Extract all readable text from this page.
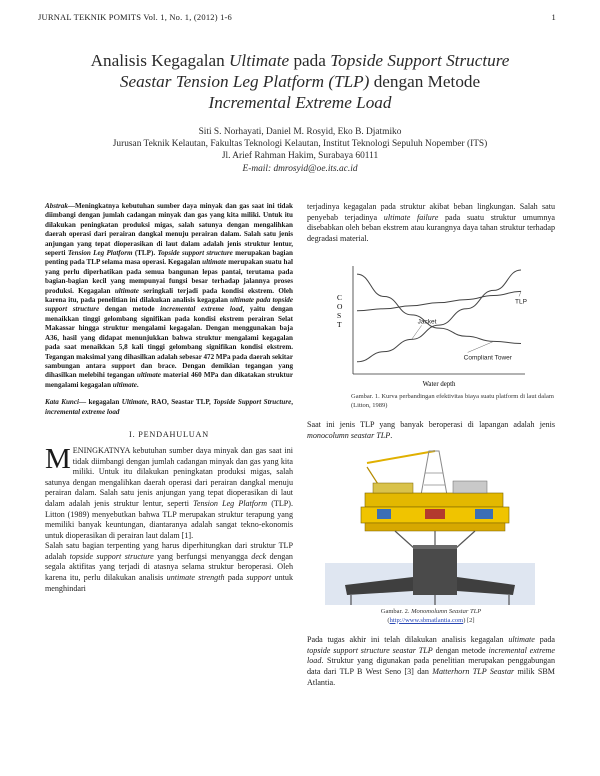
JURNAL TEKNIK POMITS Vol. 1, No. 1, (2012) 1-6	1
Analisis Kegagalan Ultimate pada Topside Support Structure
Seastar Tension Leg Platform (TLP) dengan Metode
Incremental Extreme Load

Siti S. Norhayati, Daniel M. Rosyid, Eko B. Djatmiko

Jurusan Teknik Kelautan, Fakultas Teknologi Kelautan, Institut Teknologi Sepuluh Nopember (ITS)

Jl. Arief Rahman Hakim, Surabaya 60111

E-mail: dmrosyid@oe.its.ac.id

Abstrak—Meningkatnya kebutuhan sumber daya minyak dan gas saat ini tidak diimbangi dengan jumlah cadangan minyak dan gas yang kita miliki. Untuk itu dilakukan peningkatan produksi migas, salah satunya dengan mengalihkan daerah operasi dari perairan dangkal menuju perairan dalam. Salah satu jenis anjungan yang tepat dioperasikan di laut dalam adalah jenis struktur lentur, seperti Tension Leg Platform (TLP). Topside support structure merupakan bagian penting pada TLP selama masa operasi. Kegagalan ultimate merupakan suatu hal yang perlu diperhatikan pada semua bangunan lepas pantai, terutama pada bagian-bagian kecil yang mempunyai fungsi besar terhadap jalannya proses produksi. Kegagalan ultimate seringkali terjadi pada kondisi ekstrem. Oleh karena itu, pada penelitian ini dilakukan analisis kegagalan ultimate pada topside support structure dengan metode incremental extreme load, yaitu dengan menaikkan tinggi gelombang signifikan pada kondisi ekstrem perairan Selat Makassar hingga struktur mengalami kegagalan. Dengan menggunakan baja A36, hasil yang didapat menunjukkan bahwa struktur mengalami kegagalan pada saat menaikkan 5,8 kali tinggi gelombang signifikan kondisi ekstrem. Tegangan maksimal yang dihasilkan adalah sebesar 472 MPa pada daerah sekitar sambungan antara support dan brace. Dengan demikian tegangan yang dihasilkan melebihi tegangan ultimate material 460 MPa dan dikatakan struktur mengalami kegagalan ultimate.

Kata Kunci— kegagalan Ultimate, RAO, Seastar TLP, Topside Support Structure, incremental extreme load

I. PENDAHULUAN

MENINGKATNYA kebutuhan sumber daya minyak dan gas saat ini tidak diimbangi dengan jumlah cadangan minyak dan gas yang kita miliki. Untuk itu dilakukan peningkatan produksi migas, salah satunya dengan mengalihkan daerah operasi dari perairan dangkal menuju perairan dalam. Salah satu jenis anjungan yang tepat dioperasikan di laut dalam adalah jenis struktur lentur, seperti Tension Leg Platform (TLP). Litton (1989) menyebutkan bahwa TLP merupakan struktur terapung yang memiliki banyak keuntungan, diantaranya adalah sangat tekno-ekonomis untuk dioperasikan di perairan laut dalam [1].

Salah satu bagian terpenting yang harus diperhitungkan dari struktur TLP adalah topside support structure yang berfungsi menyangga deck dengan segala aktifitas yang terjadi di atasnya selama struktur beroperasi. Oleh karena itu, perlu dilakukan analisis untimate strength pada support untuk menghindari

terjadinya kegagalan pada struktur akibat beban lingkungan. Salah satu penyebab terjadinya ultimate failure pada suatu struktur umumnya disebabkan oleh beban ekstrem atau kurangnya daya tahan struktur terhadap degradasi material.

C O S T
Water depth
Jacket
TLP
Compliant Tower

Gambar. 1. Kurva perbandingan efektivitas biaya suatu platform di laut dalam (Litton, 1989)

Saat ini jenis TLP yang banyak beroperasi di lapangan adalah jenis monocolumn seastar TLP.

Gambar. 2. Monomolumn Seastar TLP
(http://www.sbmatlantia.com) [2]

Pada tugas akhir ini telah dilakukan analisis kegagalan ultimate pada topside support structure seastar TLP dengan metode incremental extreme load. Struktur yang digunakan pada penelitian merupakan penggabungan data dari TLP B West Seno [3] dan Matterhorn TLP Seastar milik SBM Atlantia.
